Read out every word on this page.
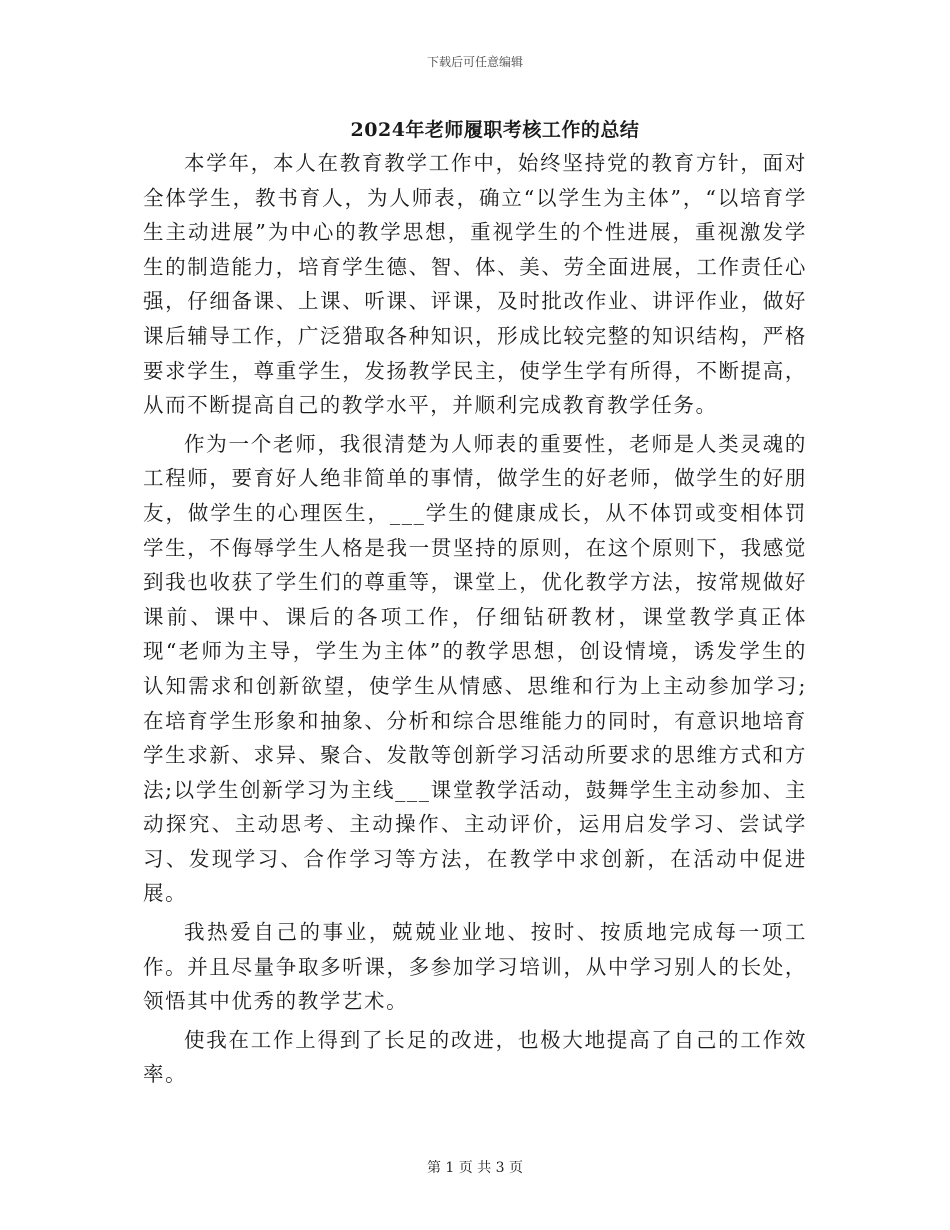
下载后可任意编辑
2024年老师履职考核工作的总结

本学年，本人在教育教学工作中，始终坚持党的教育方针，面对全体学生，教书育人，为人师表，确立“以学生为主体”，“以培育学生主动进展”为中心的教学思想，重视学生的个性进展，重视激发学生的制造能力，培育学生德、智、体、美、劳全面进展，工作责任心强，仔细备课、上课、听课、评课，及时批改作业、讲评作业，做好课后辅导工作，广泛猎取各种知识，形成比较完整的知识结构，严格要求学生，尊重学生，发扬教学民主，使学生学有所得，不断提高，从而不断提高自己的教学水平，并顺利完成教育教学任务。

作为一个老师，我很清楚为人师表的重要性，老师是人类灵魂的工程师，要育好人绝非简单的事情，做学生的好老师，做学生的好朋友，做学生的心理医生，___学生的健康成长，从不体罚或变相体罚学生，不侮辱学生人格是我一贯坚持的原则，在这个原则下，我感觉到我也收获了学生们的尊重等，课堂上，优化教学方法，按常规做好课前、课中、课后的各项工作，仔细钻研教材，课堂教学真正体现“老师为主导，学生为主体”的教学思想，创设情境，诱发学生的认知需求和创新欲望，使学生从情感、思维和行为上主动参加学习;在培育学生形象和抽象、分析和综合思维能力的同时，有意识地培育学生求新、求异、聚合、发散等创新学习活动所要求的思维方式和方法;以学生创新学习为主线___课堂教学活动，鼓舞学生主动参加、主动探究、主动思考、主动操作、主动评价，运用启发学习、尝试学习、发现学习、合作学习等方法，在教学中求创新，在活动中促进展。

我热爱自己的事业，兢兢业业地、按时、按质地完成每一项工作。并且尽量争取多听课，多参加学习培训，从中学习别人的长处，领悟其中优秀的教学艺术。

使我在工作上得到了长足的改进，也极大地提高了自己的工作效率。

第 1 页 共 3 页
